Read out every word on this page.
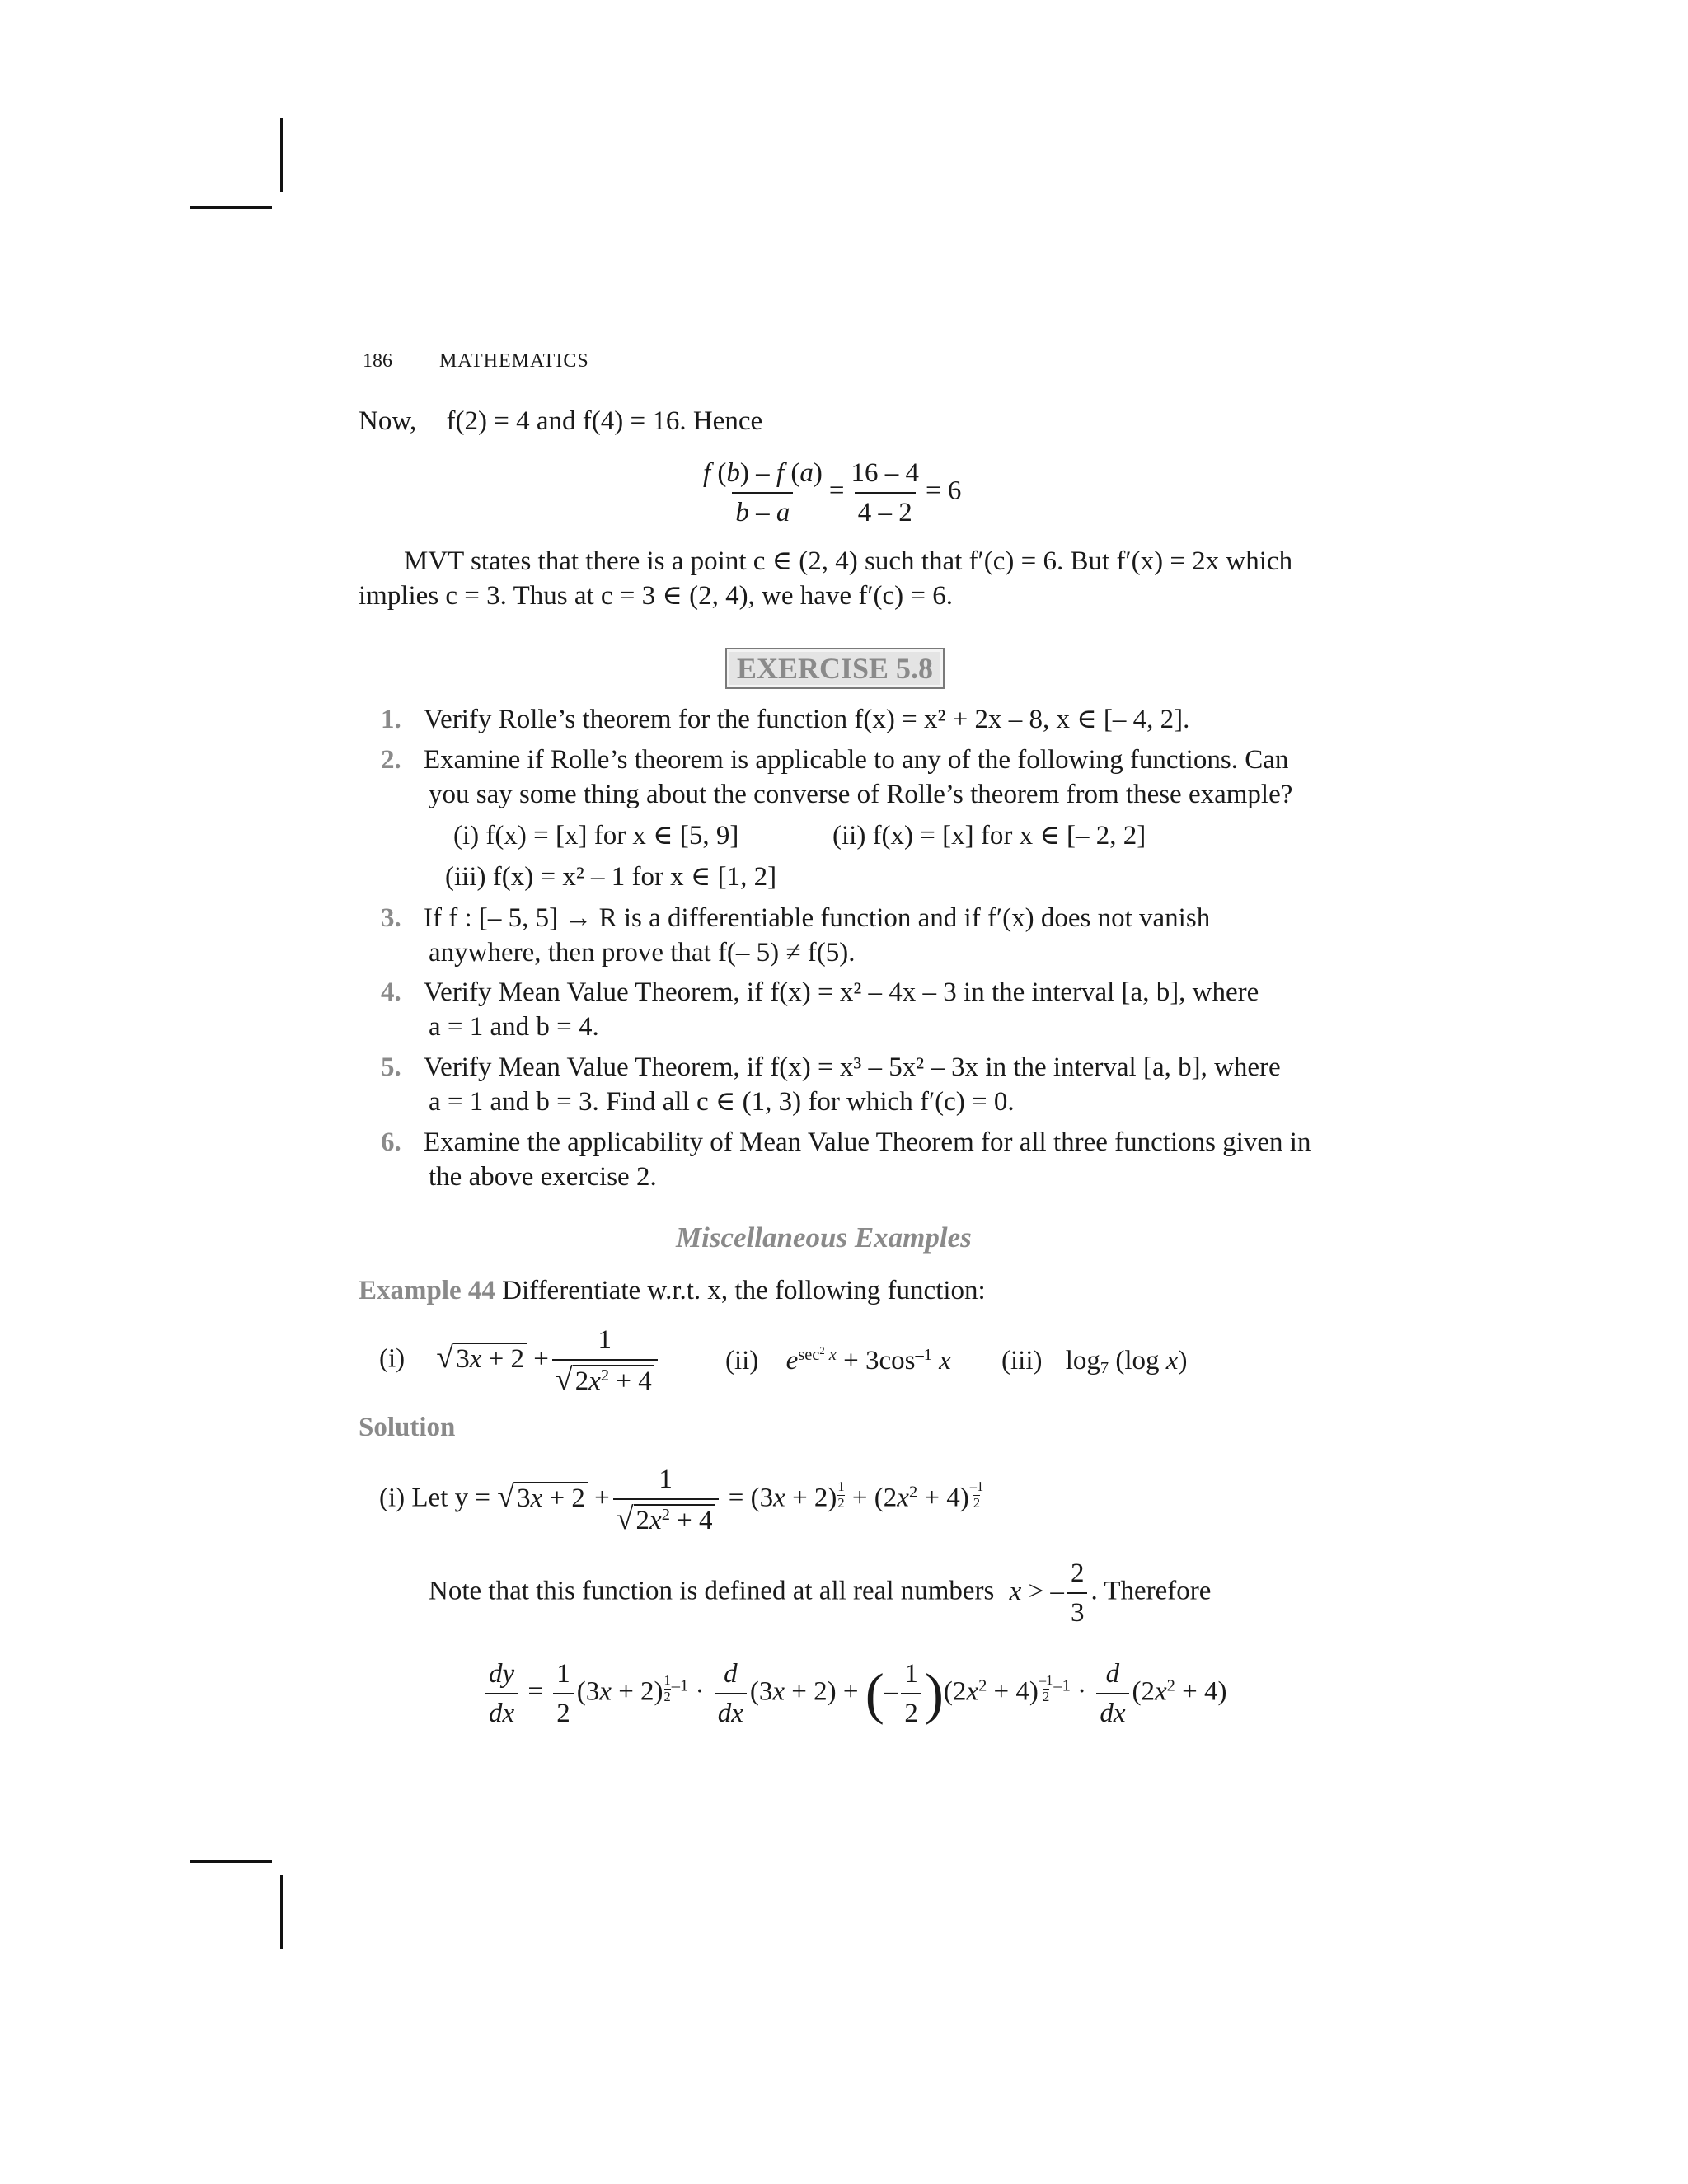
186 MATHEMATICS
Now, f(2) = 4 and f(4) = 16. Hence
$\frac{f (b) - f (a)}{b - a} = \frac{16 - 4}{4 - 2} = 6$
MVT states that there is a point c ∈ (2, 4) such that f′(c) = 6. But f′(x) = 2x which
implies c = 3. Thus at c = 3 ∈ (2, 4), we have f′(c) = 6.
EXERCISE 5.8
1. Verify Rolle’s theorem for the function f(x) = x² + 2x – 8, x ∈ [– 4, 2].
2. Examine if Rolle’s theorem is applicable to any of the following functions. Can
you say some thing about the converse of Rolle’s theorem from these example?
(i) f(x) = [x] for x ∈ [5, 9]	(ii) f(x) = [x] for x ∈ [– 2, 2]
(iii) f(x) = x² – 1 for x ∈ [1, 2]
3. If f : [– 5, 5] → R is a differentiable function and if f′(x) does not vanish
anywhere, then prove that f(– 5) ≠ f(5).
4. Verify Mean Value Theorem, if f(x) = x² – 4x – 3 in the interval [a, b], where
a = 1 and b = 4.
5. Verify Mean Value Theorem, if f(x) = x³ – 5x² – 3x in the interval [a, b], where
a = 1 and b = 3. Find all c ∈ (1, 3) for which f′(c) = 0.
6. Examine the applicability of Mean Value Theorem for all three functions given in
the above exercise 2.
Miscellaneous Examples
Example 44 Differentiate w.r.t. x, the following function:
(i) $√3x + 2 + \frac{1}{√2x^2 + 4} (ii) e^{sec^2 x} + 3\cos^{-1}$ x (iii) $\log_7 (\log$ x)
Solution
(i) Let $y = √3x + 2 + \frac{1}{√2x^2 + 4} = (3x + 2) \frac{1}{2} + (2x^2 + 4) \frac{-1}{2}$
Note that this function is defined at all real numbers x > – $\frac{2}{3}$ . Therefore
$\frac{dy}{dx} = \frac{1}{2} (3x + 2) \frac{1}{2} ^{-1} \cdot \frac{d}{dx} (3x + 2)$ + (– $\frac{1}{2} )(2x^2 + 4) \frac{-1}{2} ^{-1} \cdot \frac{d}{dx} (2x^2 + 4)$
